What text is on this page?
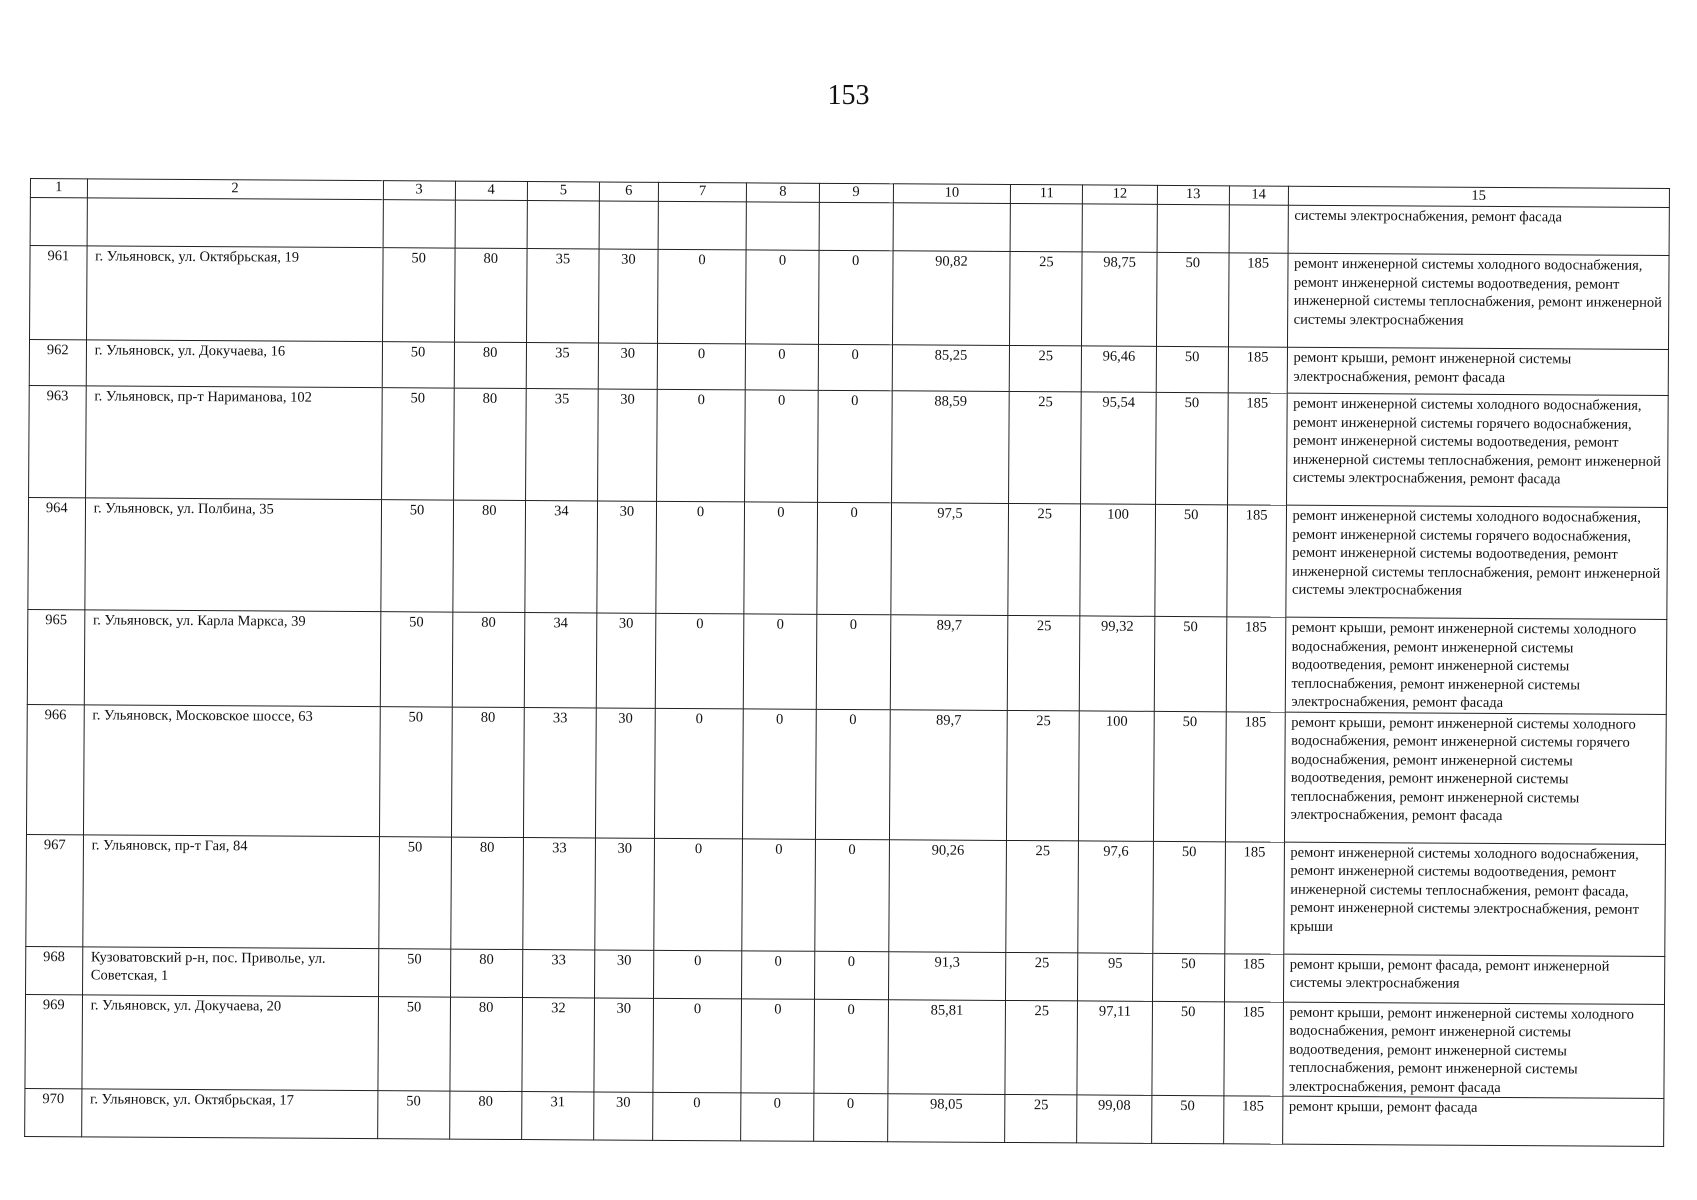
153
1	2	3	4	5	6	7	8	9	10	11	12	13	14	15
														системы электроснабжения, ремонт фасада
961	г. Ульяновск, ул. Октябрьская, 19	50	80	35	30	0	0	0	90,82	25	98,75	50	185	ремонт инженерной системы холодного водоснабжения, ремонт инженерной системы водоотведения, ремонт инженерной системы теплоснабжения, ремонт инженерной системы электроснабжения
962	г. Ульяновск, ул. Докучаева, 16	50	80	35	30	0	0	0	85,25	25	96,46	50	185	ремонт крыши, ремонт инженерной системы электроснабжения, ремонт фасада
963	г. Ульяновск, пр-т Нариманова, 102	50	80	35	30	0	0	0	88,59	25	95,54	50	185	ремонт инженерной системы холодного водоснабжения, ремонт инженерной системы горячего водоснабжения, ремонт инженерной системы водоотведения, ремонт инженерной системы теплоснабжения, ремонт инженерной системы электроснабжения, ремонт фасада
964	г. Ульяновск, ул. Полбина, 35	50	80	34	30	0	0	0	97,5	25	100	50	185	ремонт инженерной системы холодного водоснабжения, ремонт инженерной системы горячего водоснабжения, ремонт инженерной системы водоотведения, ремонт инженерной системы теплоснабжения, ремонт инженерной системы электроснабжения
965	г. Ульяновск, ул. Карла Маркса, 39	50	80	34	30	0	0	0	89,7	25	99,32	50	185	ремонт крыши, ремонт инженерной системы холодного водоснабжения, ремонт инженерной системы водоотведения, ремонт инженерной системы теплоснабжения, ремонт инженерной системы электроснабжения, ремонт фасада
966	г. Ульяновск, Московское шоссе, 63	50	80	33	30	0	0	0	89,7	25	100	50	185	ремонт крыши, ремонт инженерной системы холодного водоснабжения, ремонт инженерной системы горячего водоснабжения, ремонт инженерной системы водоотведения, ремонт инженерной системы теплоснабжения, ремонт инженерной системы электроснабжения, ремонт фасада
967	г. Ульяновск, пр-т Гая, 84	50	80	33	30	0	0	0	90,26	25	97,6	50	185	ремонт инженерной системы холодного водоснабжения, ремонт инженерной системы водоотведения, ремонт инженерной системы теплоснабжения, ремонт фасада, ремонт инженерной системы электроснабжения, ремонт крыши
968	Кузоватовский р-н, пос. Приволье, ул. Советская, 1	50	80	33	30	0	0	0	91,3	25	95	50	185	ремонт крыши, ремонт фасада, ремонт инженерной системы электроснабжения
969	г. Ульяновск, ул. Докучаева, 20	50	80	32	30	0	0	0	85,81	25	97,11	50	185	ремонт крыши, ремонт инженерной системы холодного водоснабжения, ремонт инженерной системы водоотведения, ремонт инженерной системы теплоснабжения, ремонт инженерной системы электроснабжения, ремонт фасада
970	г. Ульяновск, ул. Октябрьская, 17	50	80	31	30	0	0	0	98,05	25	99,08	50	185	ремонт крыши, ремонт фасада
